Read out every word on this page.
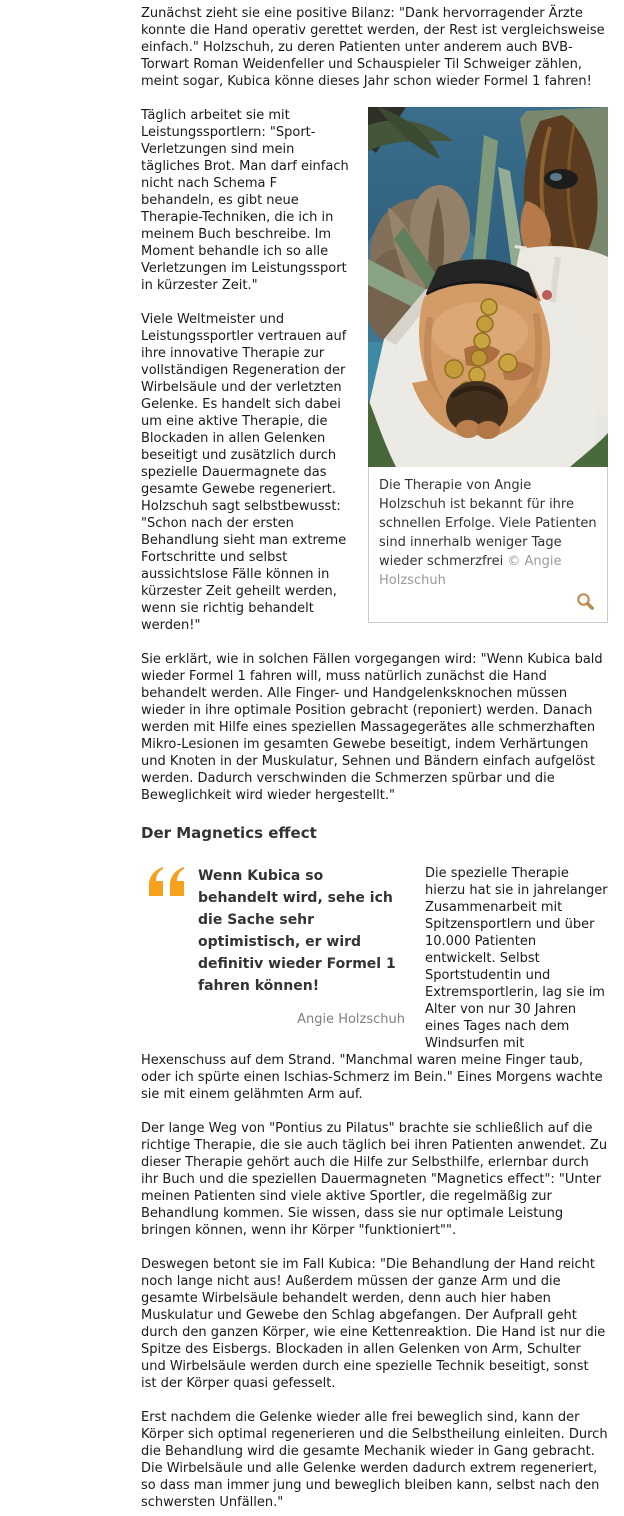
Zunächst zieht sie eine positive Bilanz: "Dank hervorragender Ärzte konnte die Hand operativ gerettet werden, der Rest ist vergleichsweise einfach." Holzschuh, zu deren Patienten unter anderem auch BVB-Torwart Roman Weidenfeller und Schauspieler Til Schweiger zählen, meint sogar, Kubica könne dieses Jahr schon wieder Formel 1 fahren!

Die Therapie von Angie Holzschuh ist bekannt für ihre schnellen Erfolge. Viele Patienten sind innerhalb weniger Tage wieder schmerzfrei © Angie Holzschuh

Täglich arbeitet sie mit Leistungssportlern: "Sport-Verletzungen sind mein tägliches Brot. Man darf einfach nicht nach Schema F behandeln, es gibt neue Therapie-Techniken, die ich in meinem Buch beschreibe. Im Moment behandle ich so alle Verletzungen im Leistungssport in kürzester Zeit."

Viele Weltmeister und Leistungssportler vertrauen auf ihre innovative Therapie zur vollständigen Regeneration der Wirbelsäule und der verletzten Gelenke. Es handelt sich dabei um eine aktive Therapie, die Blockaden in allen Gelenken beseitigt und zusätzlich durch spezielle Dauermagnete das gesamte Gewebe regeneriert. Holzschuh sagt selbstbewusst: "Schon nach der ersten Behandlung sieht man extreme Fortschritte und selbst aussichtslose Fälle können in kürzester Zeit geheilt werden, wenn sie richtig behandelt werden!"

Sie erklärt, wie in solchen Fällen vorgegangen wird: "Wenn Kubica bald wieder Formel 1 fahren will, muss natürlich zunächst die Hand behandelt werden. Alle Finger- und Handgelenksknochen müssen wieder in ihre optimale Position gebracht (reponiert) werden. Danach werden mit Hilfe eines speziellen Massagegerätes alle schmerzhaften Mikro-Lesionen im gesamten Gewebe beseitigt, indem Verhärtungen und Knoten in der Muskulatur, Sehnen und Bändern einfach aufgelöst werden. Dadurch verschwinden die Schmerzen spürbar und die Beweglichkeit wird wieder hergestellt."

Der Magnetics effect
Wenn Kubica so behandelt wird, sehe ich die Sache sehr optimistisch, er wird definitiv wieder Formel 1 fahren können!
Angie Holzschuh

Die spezielle Therapie hierzu hat sie in jahrelanger Zusammenarbeit mit Spitzensportlern und über 10.000 Patienten entwickelt. Selbst Sportstudentin und Extremsportlerin, lag sie im Alter von nur 30 Jahren eines Tages nach dem Windsurfen mit Hexenschuss auf dem Strand. "Manchmal waren meine Finger taub, oder ich spürte einen Ischias-Schmerz im Bein." Eines Morgens wachte sie mit einem gelähmten Arm auf.

Der lange Weg von "Pontius zu Pilatus" brachte sie schließlich auf die richtige Therapie, die sie auch täglich bei ihren Patienten anwendet. Zu dieser Therapie gehört auch die Hilfe zur Selbsthilfe, erlernbar durch ihr Buch und die speziellen Dauermagneten "Magnetics effect": "Unter meinen Patienten sind viele aktive Sportler, die regelmäßig zur Behandlung kommen. Sie wissen, dass sie nur optimale Leistung bringen können, wenn ihr Körper "funktioniert"".

Deswegen betont sie im Fall Kubica: "Die Behandlung der Hand reicht noch lange nicht aus! Außerdem müssen der ganze Arm und die gesamte Wirbelsäule behandelt werden, denn auch hier haben Muskulatur und Gewebe den Schlag abgefangen. Der Aufprall geht durch den ganzen Körper, wie eine Kettenreaktion. Die Hand ist nur die Spitze des Eisbergs. Blockaden in allen Gelenken von Arm, Schulter und Wirbelsäule werden durch eine spezielle Technik beseitigt, sonst ist der Körper quasi gefesselt.

Erst nachdem die Gelenke wieder alle frei beweglich sind, kann der Körper sich optimal regenerieren und die Selbstheilung einleiten. Durch die Behandlung wird die gesamte Mechanik wieder in Gang gebracht. Die Wirbelsäule und alle Gelenke werden dadurch extrem regeneriert, so dass man immer jung und beweglich bleiben kann, selbst nach den schwersten Unfällen."
